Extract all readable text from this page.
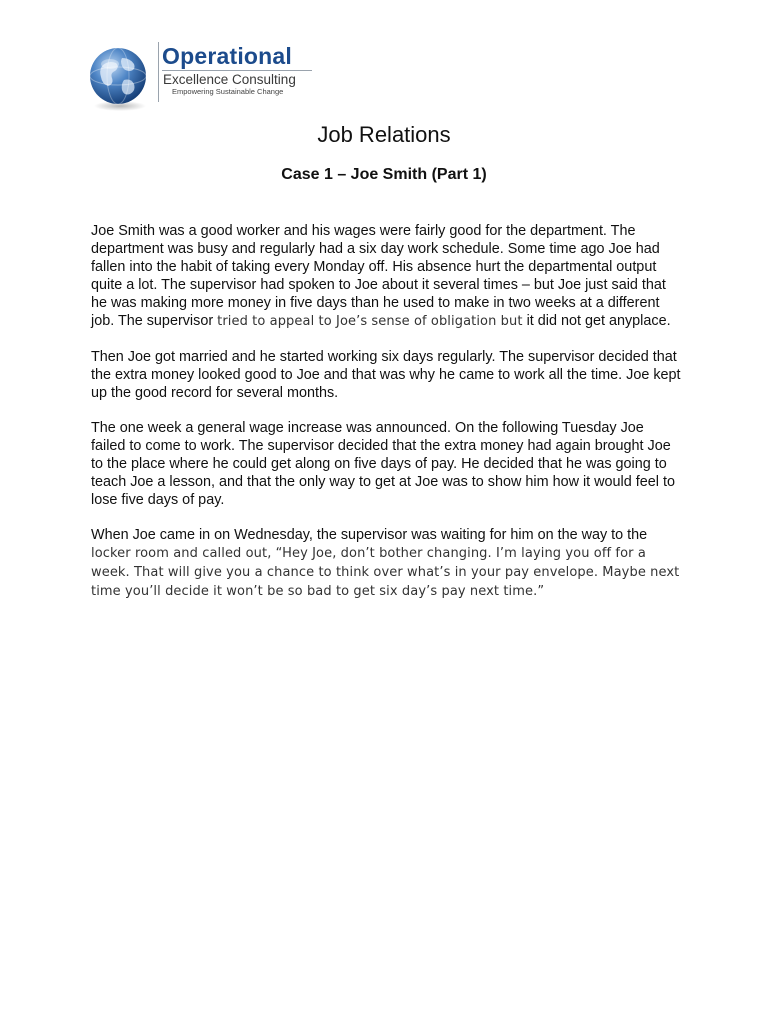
Operational
Excellence Consulting
Empowering Sustainable Change
Job Relations
Case 1 – Joe Smith (Part 1)

Joe Smith was a good worker and his wages were fairly good for the department. The department was busy and regularly had a six day work schedule. Some time ago Joe had fallen into the habit of taking every Monday off. His absence hurt the departmental output quite a lot. The supervisor had spoken to Joe about it several times – but Joe just said that he was making more money in five days than he used to make in two weeks at a different job. The supervisor tried to appeal to Joe’s sense of obligation but it did not get anyplace.

Then Joe got married and he started working six days regularly. The supervisor decided that the extra money looked good to Joe and that was why he came to work all the time. Joe kept up the good record for several months.

The one week a general wage increase was announced. On the following Tuesday Joe failed to come to work. The supervisor decided that the extra money had again brought Joe to the place where he could get along on five days of pay. He decided that he was going to teach Joe a lesson, and that the only way to get at Joe was to show him how it would feel to lose five days of pay.

When Joe came in on Wednesday, the supervisor was waiting for him on the way to the locker room and called out, “Hey Joe, don’t bother changing. I’m laying you off for a week. That will give you a chance to think over what’s in your pay envelope. Maybe next time you’ll decide it won’t be so bad to get six day’s pay next time.”
